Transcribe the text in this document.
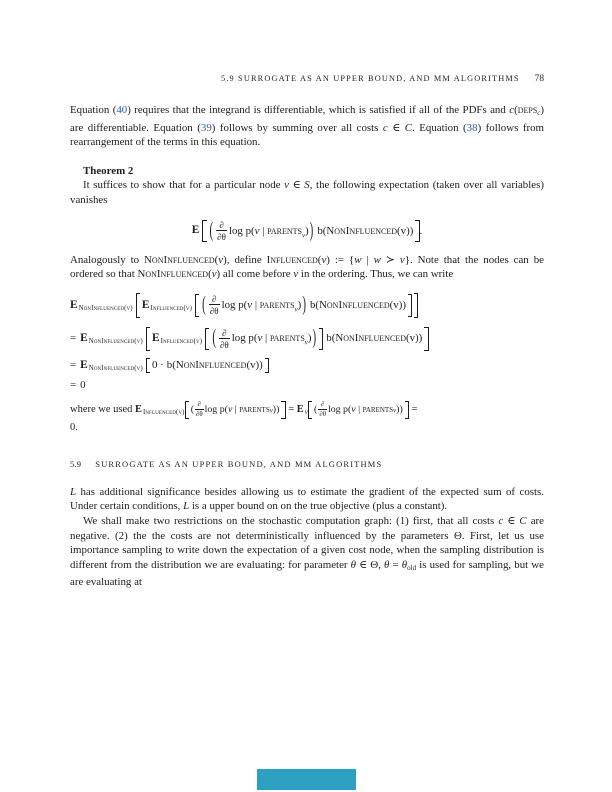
5.9 SURROGATE AS AN UPPER BOUND, AND MM ALGORITHMS 78

Equation (40) requires that the integrand is differentiable, which is satisfied if all of the PDFs and c(deps$_c$) are differentiable. Equation (39) follows by summing over all costs c ∈ C. Equation (38) follows from rearrangement of the terms in this equation.

Theorem 2

It suffices to show that for a particular node v ∈ S, the following expectation (taken over all variables) vanishes

E ( $\frac{\partial}{\partial\theta}$ log p( v | parents v ) ) b( NonInfluenced (v)) .

Analogously to NonInfluenced(v), define Influenced(v) := {w | w ≻ v}. Note that the nodes can be ordered so that NonInfluenced(v) all come before v in the ordering. Thus, we can write

E NonInfluenced (v) E Influenced (v) ( $\frac{\partial}{\partial\theta}$ log p( v | parents v ) ) b( NonInfluenced (v))
= E NonInfluenced (v) E Influenced (v) ( $\frac{\partial}{\partial\theta}$ log p( v | parents v ) ) b( NonInfluenced (v))
= E NonInfluenced (v) 0 · b( NonInfluenced (v))
= 0
where we used E Influenced (v) ( $\frac{\partial}{\partial\theta}$ log p( v | parents v ) ) = E v ( $\frac{\partial}{\partial\theta}$ log p( v | parents v ) ) =
0.
5.9 SURROGATE AS AN UPPER BOUND, AND MM ALGORITHMS

L has additional significance besides allowing us to estimate the gradient of the expected sum of costs. Under certain conditions, L is a upper bound on on the true objective (plus a constant).

We shall make two restrictions on the stochastic computation graph: (1) first, that all costs c ∈ C are negative. (2) the the costs are not deterministically influenced by the parameters Θ. First, let us use importance sampling to write down the expectation of a given cost node, when the sampling distribution is different from the distribution we are evaluating: for parameter θ ∈ Θ, $\theta = \theta_{old}$ is used for sampling, but we are evaluating at
